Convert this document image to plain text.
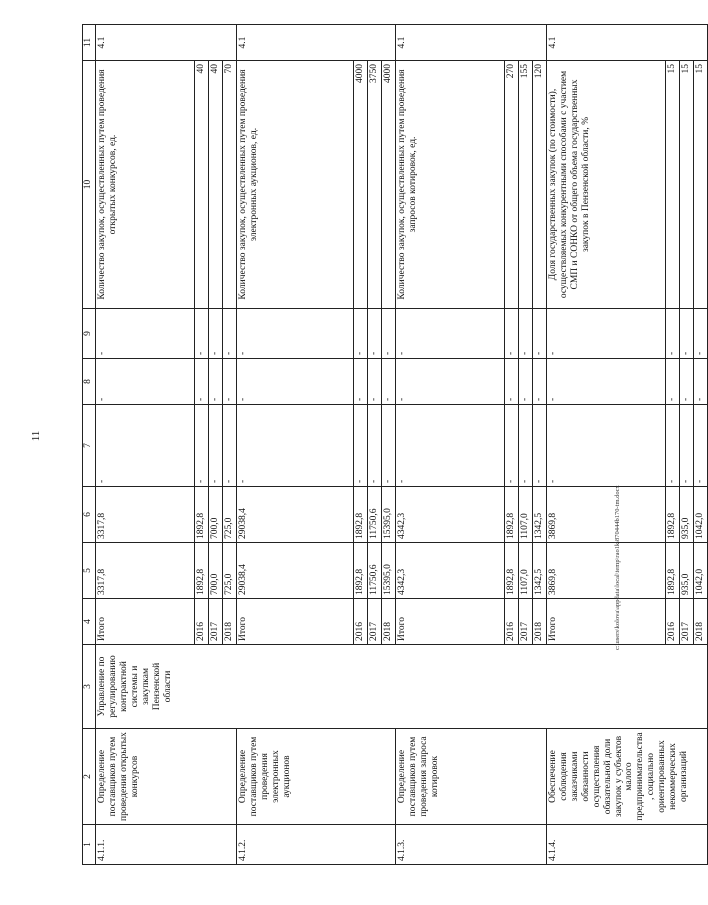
11
1	2	3	4	5	6	7	8	9	10	11
4.1.1.	Определение поставщиков путем проведения открытых конкурсов	Управление по регулированию контрактной системы и закупкам Пензенской области	Итого	3317,8	3317,8	-	-	-	Количество закупок, осуществленных путем проведения открытых конкурсов, ед.	4.1
			2016	1892,8	1892,8	-	-	-	40	
			2017	700,0	700,0	-	-	-	40	
			2018	725,0	725,0	-	-	-	70	
4.1.2.	Определение поставщиков путем проведения электронных аукционов		Итого	29038,4	29038,4	-	-	-	Количество закупок, осуществленных путем проведения электронных аукционов, ед.	4.1
			2016	1892,8	1892,8	-	-	-	4000	
			2017	11750,6	11750,6	-	-	-	3750	
			2018	15395,0	15395,0	-	-	-	4000	
4.1.3.	Определение поставщиков путем проведения запроса котировок		Итого	4342,3	4342,3	-	-	-	Количество закупок, осуществленных путем проведения запросов котировок, ед.	4.1
			2016	1892,8	1892,8	-	-	-	270	
			2017	1107,0	1107,0	-	-	-	155	
			2018	1342,5	1342,5	-	-	-	120	
4.1.4.	Обеспечение соблюдения заказчиками обязанности осуществления обязательной доли закупок у субъектов малого предпринимательства, социально ориентированных некоммерческих организаций		Итого	3869,8	3869,8	-	-	-	Доля государственных закупок (по стоимости), осуществляемых конкурентными способами с участием СМП и СОНКО от общего объема государственных закупок в Пензенской области, %	4.1
			2016	1892,8	1892,8	-	-	-	15	
			2017	935,0	935,0	-	-	-	15	
			2018	1042,0	1042,0	-	-	-	15	
c:\users\kolova\appdata\local\temp\rao1k\870444b170-tm.docx
